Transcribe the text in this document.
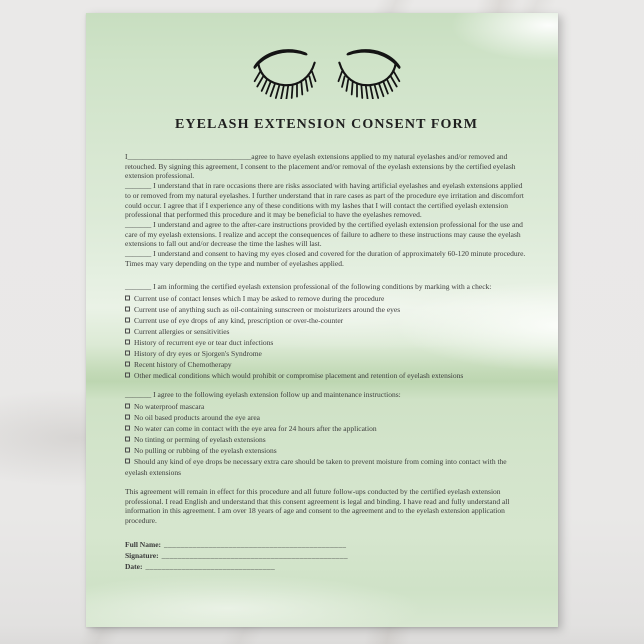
EYELASH EXTENSION CONSENT FORM

I_________________________________agree to have eyelash extensions applied to my natural eyelashes and/or removed and retouched. By signing this agreement, I consent to the placement and/or removal of the eyelash extensions by the certified eyelash extension professional.

_______ I understand that in rare occasions there are risks associated with having artificial eyelashes and eyelash extensions applied to or removed from my natural eyelashes. I further understand that in rare cases as part of the procedure eye irritation and discomfort could occur. I agree that if I experience any of these conditions with my lashes that I will contact the certified eyelash extension professional that performed this procedure and it may be beneficial to have the eyelashes removed.

_______ I understand and agree to the after-care instructions provided by the certified eyelash extension professional for the use and care of my eyelash extensions. I realize and accept the consequences of failure to adhere to these instructions may cause the eyelash extensions to fall out and/or decrease the time the lashes will last.

_______ I understand and consent to having my eyes closed and covered for the duration of approximately 60-120 minute procedure. Times may vary depending on the type and number of eyelashes applied.

_______ I am informing the certified eyelash extension professional of the following conditions by marking with a check:

Current use of contact lenses which I may be asked to remove during the procedure
Current use of anything such as oil-containing sunscreen or moisturizers around the eyes
Current use of eye drops of any kind, prescription or over-the-counter
Current allergies or sensitivities
History of recurrent eye or tear duct infections
History of dry eyes or Sjorgen's Syndrome
Recent history of Chemotherapy
Other medical conditions which would prohibit or compromise placement and retention of eyelash extensions

_______ I agree to the following eyelash extension follow up and maintenance instructions:

No waterproof mascara
No oil based products around the eye area
No water can come in contact with the eye area for 24 hours after the application
No tinting or perming of eyelash extensions
No pulling or rubbing of the eyelash extensions
Should any kind of eye drops be necessary extra care should be taken to prevent moisture from coming into contact with the eyelash extensions

This agreement will remain in effect for this procedure and all future follow-ups conducted by the certified eyelash extension professional. I read English and understand that this consent agreement is legal and binding. I have read and fully understand all information in this agreement. I am over 18 years of age and consent to the agreement and to the eyelash extension application procedure.

Full Name: _____________________________________________
Signature: ______________________________________________
Date: ________________________________
